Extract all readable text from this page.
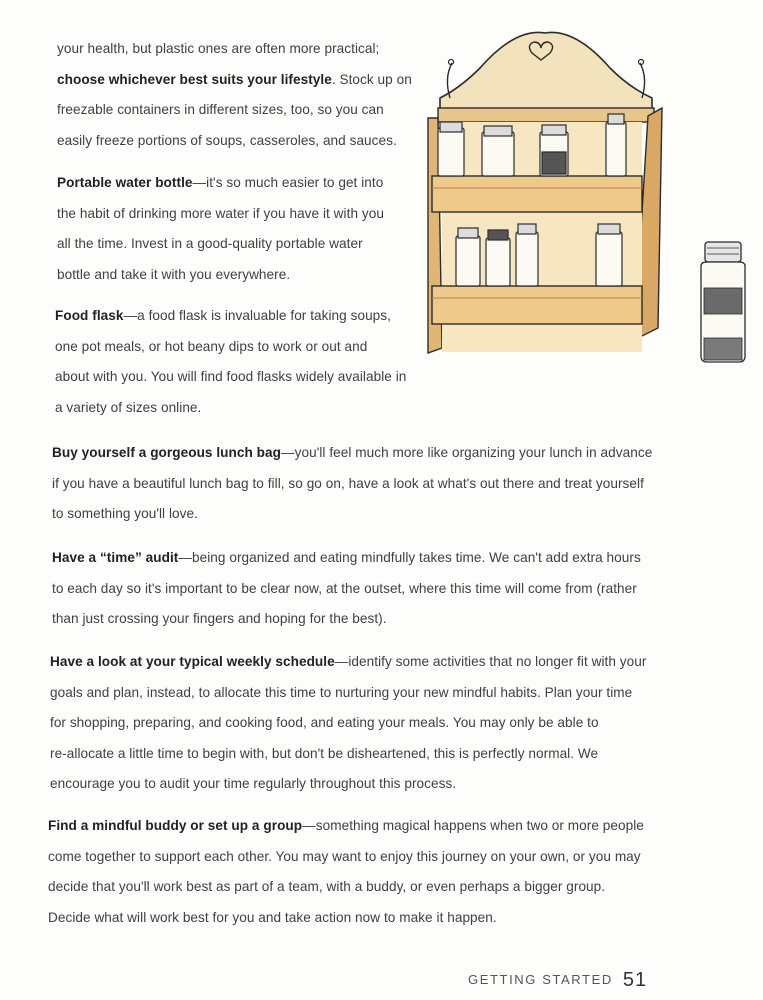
your health, but plastic ones are often more practical;
choose whichever best suits your lifestyle. Stock up on
freezable containers in different sizes, too, so you can
easily freeze portions of soups, casseroles, and sauces.

Portable water bottle—it's so much easier to get into
the habit of drinking more water if you have it with you
all the time. Invest in a good-quality portable water
bottle and take it with you everywhere.

Food flask—a food flask is invaluable for taking soups,
one pot meals, or hot beany dips to work or out and
about with you. You will find food flasks widely available in
a variety of sizes online.

Buy yourself a gorgeous lunch bag—you'll feel much more like organizing your lunch in advance
if you have a beautiful lunch bag to fill, so go on, have a look at what's out there and treat yourself
to something you'll love.

Have a “time” audit—being organized and eating mindfully takes time. We can't add extra hours
to each day so it's important to be clear now, at the outset, where this time will come from (rather
than just crossing your fingers and hoping for the best).

Have a look at your typical weekly schedule—identify some activities that no longer fit with your
goals and plan, instead, to allocate this time to nurturing your new mindful habits. Plan your time
for shopping, preparing, and cooking food, and eating your meals. You may only be able to
re-allocate a little time to begin with, but don't be disheartened, this is perfectly normal. We
encourage you to audit your time regularly throughout this process.

Find a mindful buddy or set up a group—something magical happens when two or more people
come together to support each other. You may want to enjoy this journey on your own, or you may
decide that you'll work best as part of a team, with a buddy, or even perhaps a bigger group.
Decide what will work best for you and take action now to make it happen.

GETTING STARTED 51
